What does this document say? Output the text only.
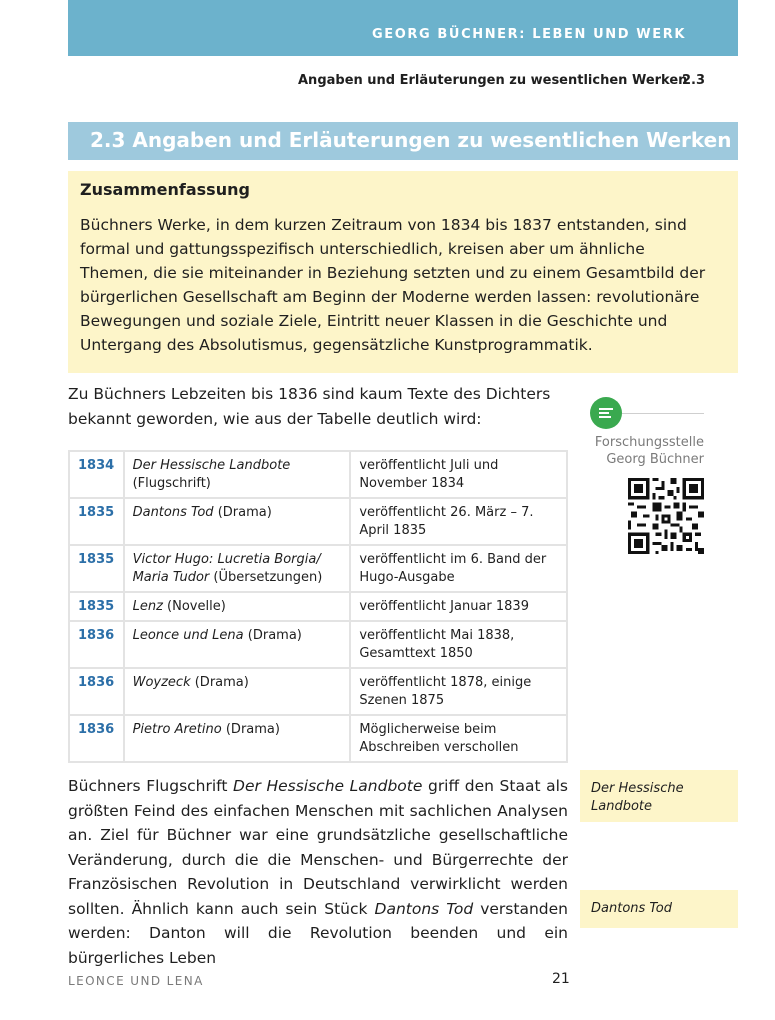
GEORG BÜCHNER: LEBEN UND WERK	2
Angaben und Erläuterungen zu wesentlichen Werken
2.3
2.3 Angaben und Erläuterungen zu wesentlichen Werken
Zusammenfassung
Büchners Werke, in dem kurzen Zeitraum von 1834 bis 1837 entstanden, sind formal und gattungsspezifisch unterschiedlich, kreisen aber um ähnliche Themen, die sie miteinander in Beziehung setzten und zu einem Gesamtbild der bürgerlichen Gesellschaft am Beginn der Moderne werden lassen: revolutionäre Bewegungen und soziale Ziele, Eintritt neuer Klassen in die Geschichte und Untergang des Absolutismus, gegensätzliche Kunstprogrammatik.
Zu Büchners Lebzeiten bis 1836 sind kaum Texte des Dichters bekannt geworden, wie aus der Tabelle deutlich wird:
Forschungsstelle Georg Büchner
1834	Der Hessische Landbote (Flugschrift)	veröffentlicht Juli und November 1834
1835	Dantons Tod (Drama)	veröffentlicht 26. März – 7. April 1835
1835	Victor Hugo: Lucretia Borgia/ Maria Tudor (Übersetzungen)	veröffentlicht im 6. Band der Hugo-Ausgabe
1835	Lenz (Novelle)	veröffentlicht Januar 1839
1836	Leonce und Lena (Drama)	veröffentlicht Mai 1838, Gesamttext 1850
1836	Woyzeck (Drama)	veröffentlicht 1878, einige Szenen 1875
1836	Pietro Aretino (Drama)	Möglicherweise beim Abschreiben verschollen
Büchners Flugschrift Der Hessische Landbote griff den Staat als größten Feind des einfachen Menschen mit sachlichen Analysen an. Ziel für Büchner war eine grundsätzliche gesellschaftliche Veränderung, durch die die Menschen- und Bürgerrechte der Französischen Revolution in Deutschland verwirklicht werden sollten. Ähnlich kann auch sein Stück Dantons Tod verstanden werden: Danton will die Revolution beenden und ein bürgerliches Leben
Der Hessische Landbote
Dantons Tod
LEONCE UND LENA	21
